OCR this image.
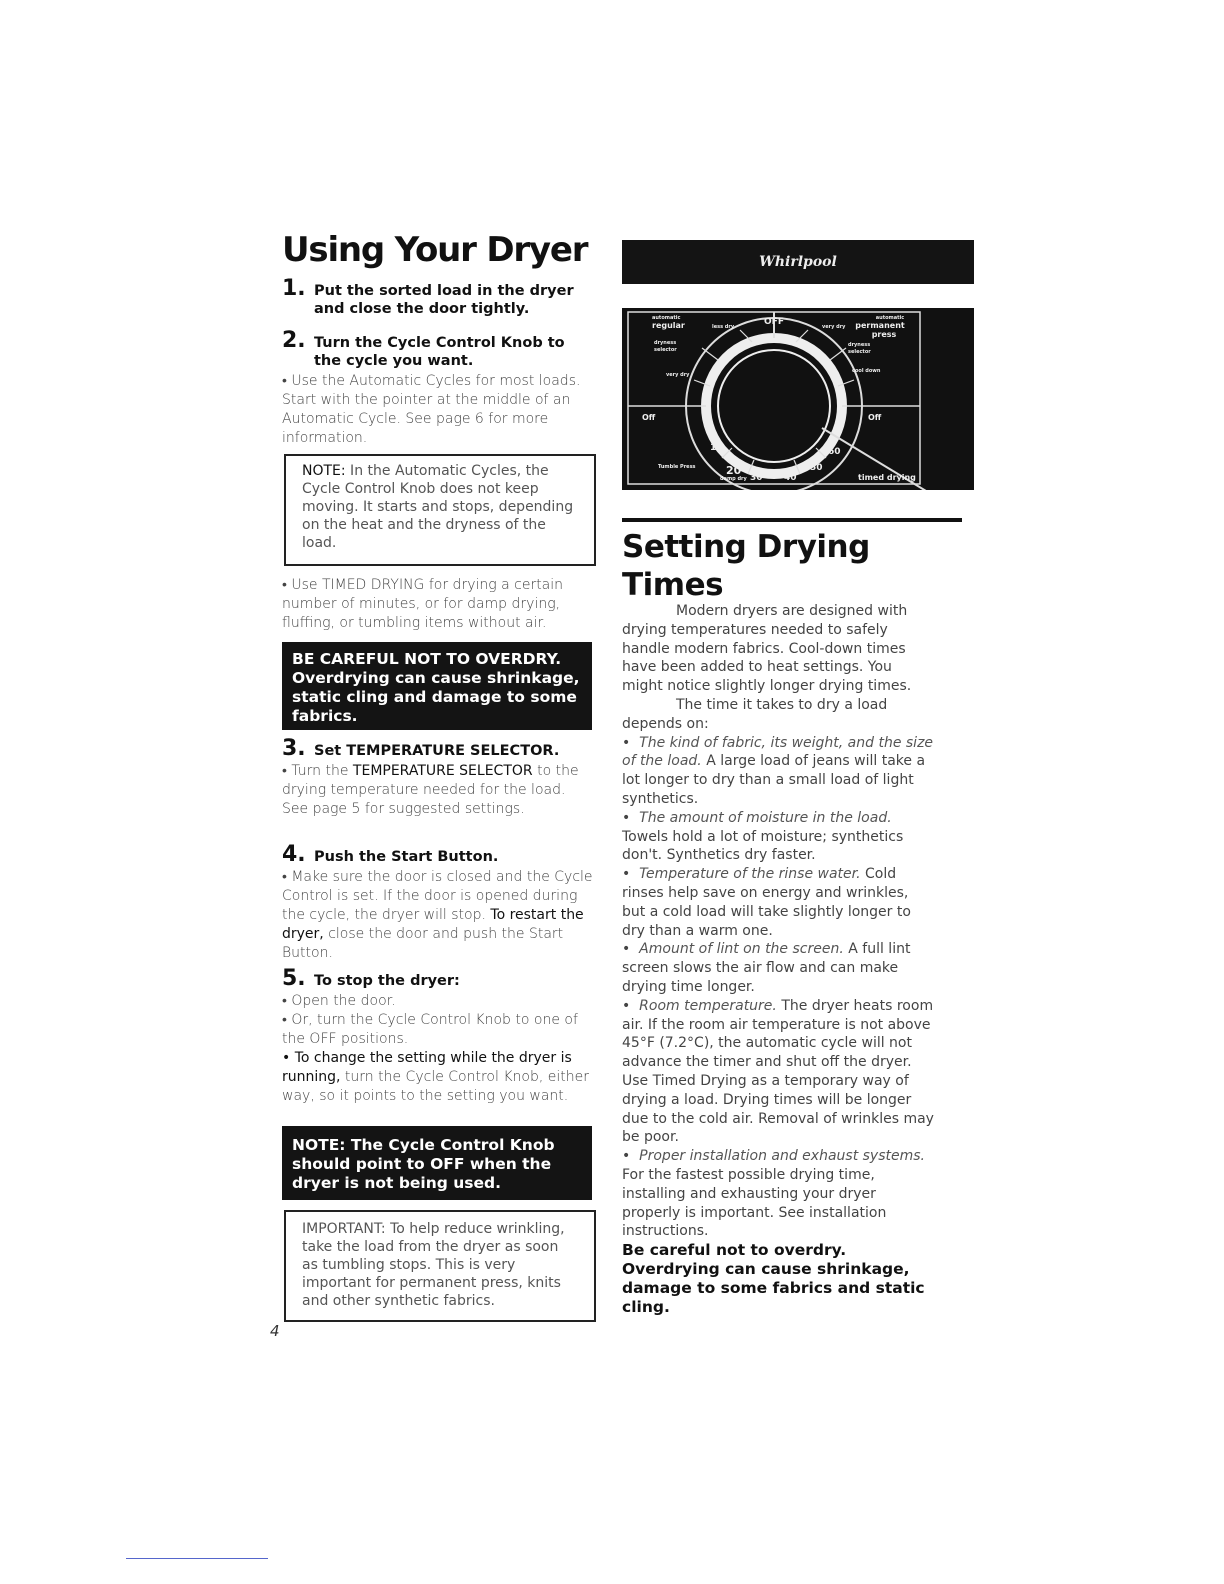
Using Your Dryer
1. Put the sorted load in the dryer and close the door tightly.
2. Turn the Cycle Control Knob to the cycle you want.
• Use the Automatic Cycles for most loads. Start with the pointer at the middle of an Automatic Cycle. See page 6 for more information.
NOTE: In the Automatic Cycles, the Cycle Control Knob does not keep moving. It starts and stops, depending on the heat and the dryness of the load.
• Use TIMED DRYING for drying a certain number of minutes, or for damp drying, fluffing, or tumbling items without air.
BE CAREFUL NOT TO OVERDRY. Overdrying can cause shrinkage, static cling and damage to some fabrics.
3. Set TEMPERATURE SELECTOR.
• Turn the TEMPERATURE SELECTOR to the drying temperature needed for the load. See page 5 for suggested settings.
4. Push the Start Button.
• Make sure the door is closed and the Cycle Control is set. If the door is opened during the cycle, the dryer will stop. To restart the dryer, close the door and push the Start Button.
5. To stop the dryer:
• Open the door.
• Or, turn the Cycle Control Knob to one of the OFF positions.
• To change the setting while the dryer is running, turn the Cycle Control Knob, either way, so it points to the setting you want.
NOTE: The Cycle Control Knob should point to OFF when the dryer is not being used.
IMPORTANT: To help reduce wrinkling, take the load from the dryer as soon as tumbling stops. This is very important for permanent press, knits and other synthetic fabrics.
Whirlpool
OFF
automatic
regular	less dry	very dry
automatic
permanent
press
dryness
selector
dryness
selector
very dry
cool down
Off	Off
Tumble Press
damp dry	timed drying
10
20
30 40
50
60
Setting Drying Times
Modern dryers are designed with drying temperatures needed to safely handle modern fabrics. Cool-down times have been added to heat settings. You might notice slightly longer drying times.
The time it takes to dry a load depends on:
•  The kind of fabric, its weight, and the size of the load. A large load of jeans will take a lot longer to dry than a small load of light synthetics.
•  The amount of moisture in the load. Towels hold a lot of moisture; synthetics don't. Synthetics dry faster.
•  Temperature of the rinse water. Cold rinses help save on energy and wrinkles, but a cold load will take slightly longer to dry than a warm one.
•  Amount of lint on the screen. A full lint screen slows the air flow and can make drying time longer.
•  Room temperature. The dryer heats room air. If the room air temperature is not above 45°F (7.2°C), the automatic cycle will not advance the timer and shut off the dryer. Use Timed Drying as a temporary way of drying a load. Drying times will be longer due to the cold air. Removal of wrinkles may be poor.
•  Proper installation and exhaust systems. For the fastest possible drying time, installing and exhausting your dryer properly is important. See installation instructions.
Be careful not to overdry. Overdrying can cause shrinkage, damage to some fabrics and static cling.
4
